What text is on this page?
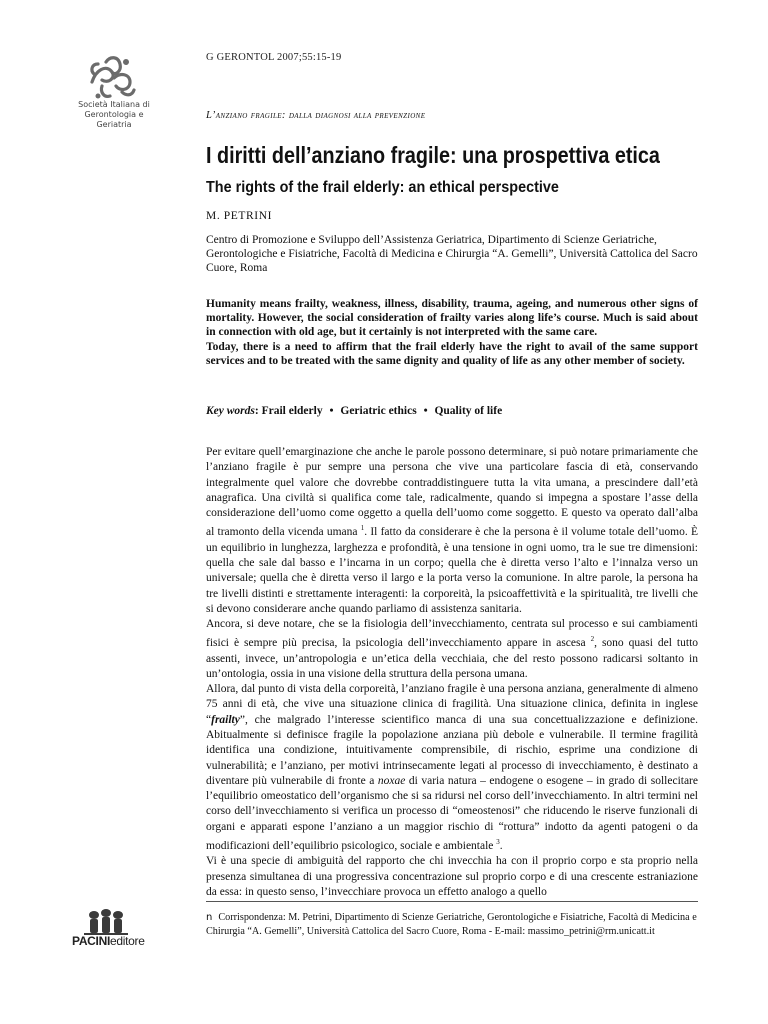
Società Italiana di
Gerontologia e
Geriatria
G GERONTOL 2007;55:15-19
L’anziano fragile: dalla diagnosi alla prevenzione
I diritti dell’anziano fragile: una prospettiva etica
The rights of the frail elderly: an ethical perspective
M. PETRINI
Centro di Promozione e Sviluppo dell’Assistenza Geriatrica, Dipartimento di Scienze Geriatriche, Gerontologiche e Fisiatriche, Facoltà di Medicina e Chirurgia “A. Gemelli”, Università Cattolica del Sacro Cuore, Roma

Humanity means frailty, weakness, illness, disability, trauma, ageing, and numerous other signs of mortality. However, the social consideration of frailty varies along life’s course. Much is said about in connection with old age, but it certainly is not interpreted with the same care.

Today, there is a need to affirm that the frail elderly have the right to avail of the same support services and to be treated with the same dignity and quality of life as any other member of society.

Key words: Frail elderly • Geriatric ethics • Quality of life

Per evitare quell’emarginazione che anche le parole possono determinare, si può notare primariamente che l’anziano fragile è pur sempre una persona che vive una particolare fascia di età, conservando integralmente quel valore che dovrebbe contraddistinguere tutta la vita umana, a prescindere dall’età anagrafica. Una civiltà si qualifica come tale, radicalmente, quando si impegna a spostare l’asse della considerazione dell’uomo come oggetto a quella dell’uomo come soggetto. E questo va operato dall’alba al tramonto della vicenda umana $^1$. Il fatto da considerare è che la persona è il volume totale dell’uomo. È un equilibrio in lunghezza, larghezza e profondità, è una tensione in ogni uomo, tra le sue tre dimensioni: quella che sale dal basso e l’incarna in un corpo; quella che è diretta verso l’alto e l’innalza verso un universale; quella che è diretta verso il largo e la porta verso la comunione. In altre parole, la persona ha tre livelli distinti e strettamente interagenti: la corporeità, la psicoaffettività e la spiritualità, tre livelli che si devono considerare anche quando parliamo di assistenza sanitaria.

Ancora, si deve notare, che se la fisiologia dell’invecchiamento, centrata sul processo e sui cambiamenti fisici è sempre più precisa, la psicologia dell’invecchiamento appare in ascesa $^2$, sono quasi del tutto assenti, invece, un’antropologia e un’etica della vecchiaia, che del resto possono radicarsi soltanto in un’ontologia, ossia in una visione della struttura della persona umana.

Allora, dal punto di vista della corporeità, l’anziano fragile è una persona anziana, generalmente di almeno 75 anni di età, che vive una situazione clinica di fragilità. Una situazione clinica, definita in inglese “frailty”, che malgrado l’interesse scientifico manca di una sua concettualizzazione e definizione. Abitualmente si definisce fragile la popolazione anziana più debole e vulnerabile. Il termine fragilità identifica una condizione, intuitivamente comprensibile, di rischio, esprime una condizione di vulnerabilità; e l’anziano, per motivi intrinsecamente legati al processo di invecchiamento, è destinato a diventare più vulnerabile di fronte a noxae di varia natura – endogene o esogene – in grado di sollecitare l’equilibrio omeostatico dell’organismo che si sa ridursi nel corso dell’invecchiamento. In altri termini nel corso dell’invecchiamento si verifica un processo di “omeostenosi” che riducendo le riserve funzionali di organi e apparati espone l’anziano a un maggior rischio di “rottura” indotto da agenti patogeni o da modificazioni dell’equilibrio psicologico, sociale e ambientale $^3$.

Vi è una specie di ambiguità del rapporto che chi invecchia ha con il proprio corpo e sta proprio nella presenza simultanea di una progressiva concentrazione sul proprio corpo e di una crescente estraniazione da essa: in questo senso, l’invecchiare provoca un effetto analogo a quello

n Corrispondenza: M. Petrini, Dipartimento di Scienze Geriatriche, Gerontologiche e Fisiatriche, Facoltà di Medicina e Chirurgia “A. Gemelli”, Università Cattolica del Sacro Cuore, Roma - E-mail: massimo_petrini@rm.unicatt.it
PACINIeditore
